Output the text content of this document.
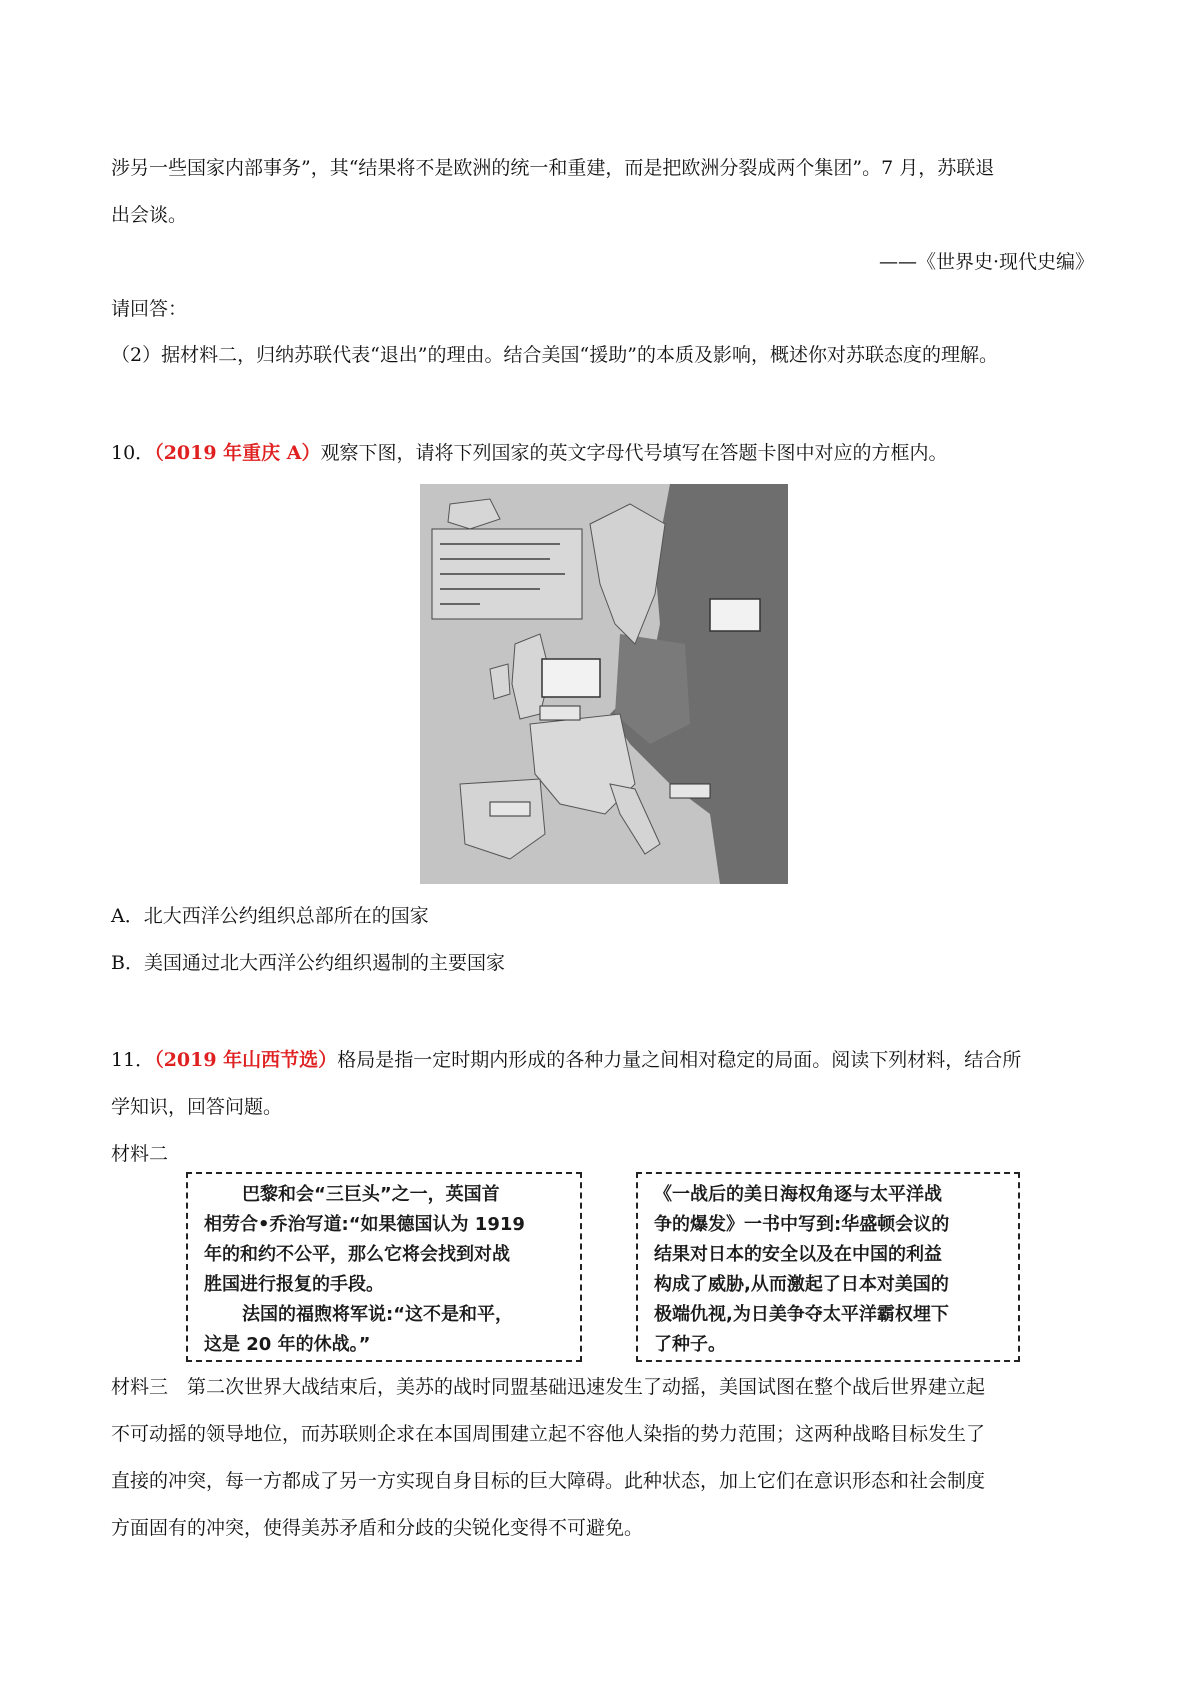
涉另一些国家内部事务”，其“结果将不是欧洲的统一和重建，而是把欧洲分裂成两个集团”。7 月，苏联退
出会谈。
——《世界史·现代史编》
请回答：
（2）据材料二，归纳苏联代表“退出”的理由。结合美国“援助”的本质及影响，概述你对苏联态度的理解。
10．（2019 年重庆 A）观察下图，请将下列国家的英文字母代号填写在答题卡图中对应的方框内。
A．北大西洋公约组织总部所在的国家
B．美国通过北大西洋公约组织遏制的主要国家
11．（2019 年山西节选）格局是指一定时期内形成的各种力量之间相对稳定的局面。阅读下列材料，结合所
学知识，回答问题。
材料二

巴黎和会“三巨头”之一，英国首

相劳合•乔治写道:“如果德国认为 1919

年的和约不公平，那么它将会找到对战

胜国进行报复的手段。

法国的福煦将军说:“这不是和平，

这是 20 年的休战。”

《一战后的美日海权角逐与太平洋战

争的爆发》一书中写到:华盛顿会议的

结果对日本的安全以及在中国的利益

构成了威胁,从而激起了日本对美国的

极端仇视,为日美争夺太平洋霸权埋下

了种子。

材料三　第二次世界大战结束后，美苏的战时同盟基础迅速发生了动摇，美国试图在整个战后世界建立起
不可动摇的领导地位，而苏联则企求在本国周围建立起不容他人染指的势力范围；这两种战略目标发生了
直接的冲突，每一方都成了另一方实现自身目标的巨大障碍。此种状态，加上它们在意识形态和社会制度
方面固有的冲突，使得美苏矛盾和分歧的尖锐化变得不可避免。
